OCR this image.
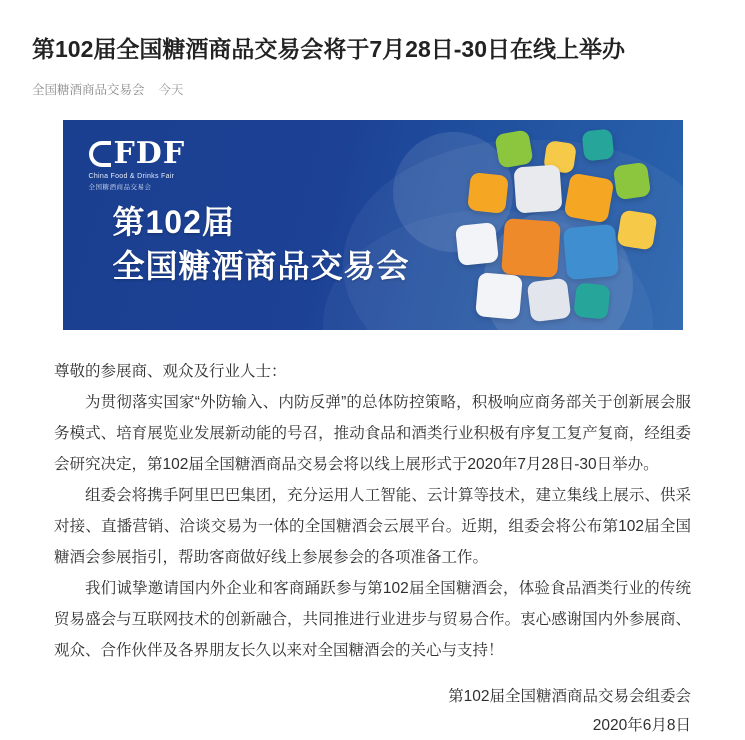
第102届全国糖酒商品交易会将于7月28日-30日在线上举办
全国糖酒商品交易会 今天
FDF
China Food & Drinks Fair
全国糖酒商品交易会
第102届
全国糖酒商品交易会

尊敬的参展商、观众及行业人士：

为贯彻落实国家“外防输入、内防反弹”的总体防控策略，积极响应商务部关于创新展会服务模式、培育展览业发展新动能的号召，推动食品和酒类行业积极有序复工复产复商，经组委会研究决定，第102届全国糖酒商品交易会将以线上展形式于2020年7月28日-30日举办。

组委会将携手阿里巴巴集团，充分运用人工智能、云计算等技术，建立集线上展示、供采对接、直播营销、洽谈交易为一体的全国糖酒会云展平台。近期，组委会将公布第102届全国糖酒会参展指引，帮助客商做好线上参展参会的各项准备工作。

我们诚挚邀请国内外企业和客商踊跃参与第102届全国糖酒会，体验食品酒类行业的传统贸易盛会与互联网技术的创新融合，共同推进行业进步与贸易合作。衷心感谢国内外参展商、观众、合作伙伴及各界朋友长久以来对全国糖酒会的关心与支持！

第102届全国糖酒商品交易会组委会
2020年6月8日
